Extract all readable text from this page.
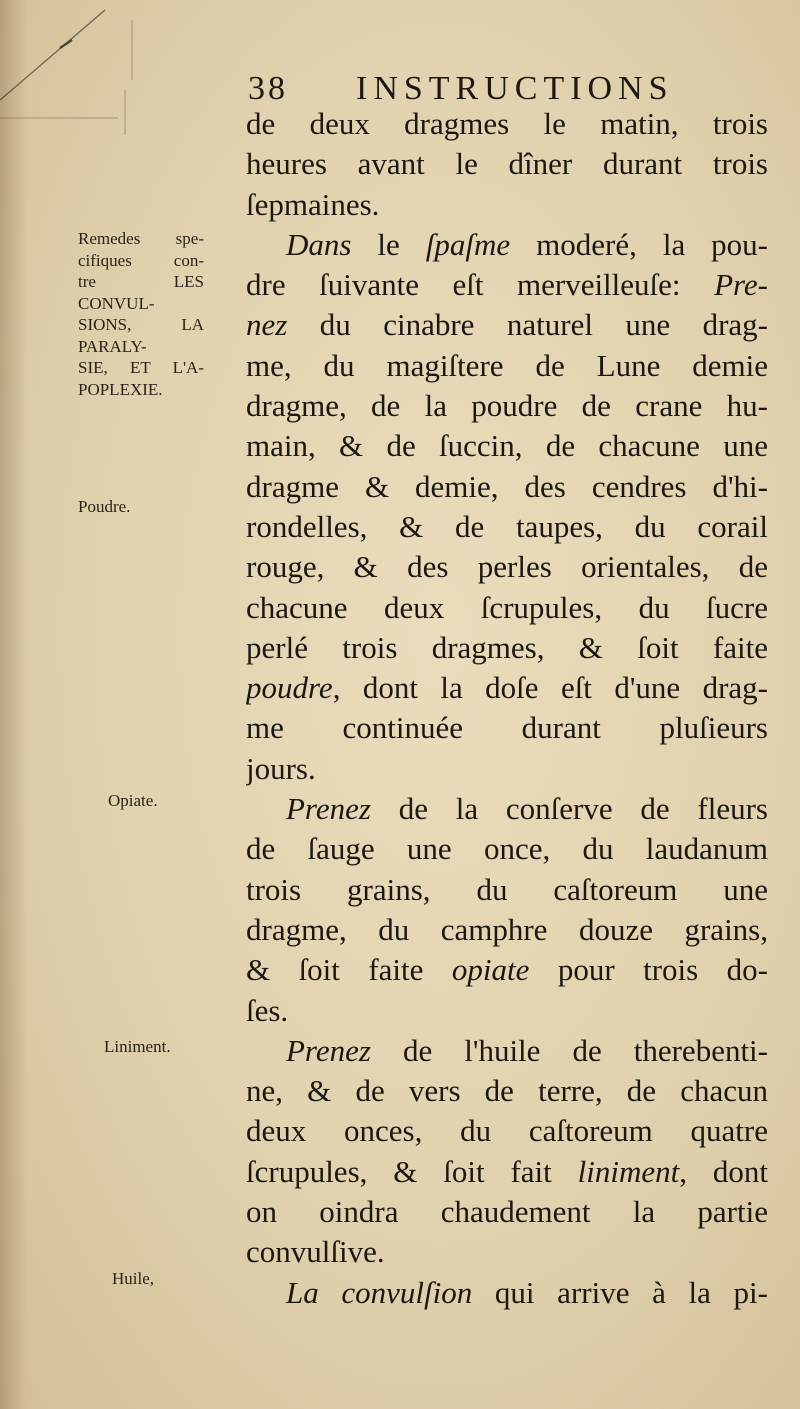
38 INSTRUCTIONS
Remedes spe-
cifiques con-
tre LES
CONVUL-
SIONS, LA
PARALY-
SIE, ET L'A-
POPLEXIE.
Poudre.
Opiate.
Liniment.
Huile,
de deux dragmes le matin, trois
heures avant le dîner durant trois
ſepmaines.
Dans le ſpaſme moderé, la pou-
dre ſuivante eſt merveilleuſe: Pre-
nez du cinabre naturel une drag-
me, du magiſtere de Lune demie
dragme, de la poudre de crane hu-
main, & de ſuccin, de chacune une
dragme & demie, des cendres d'hi-
rondelles, & de taupes, du corail
rouge, & des perles orientales, de
chacune deux ſcrupules, du ſucre
perlé trois dragmes, & ſoit faite
poudre, dont la doſe eſt d'une drag-
me continuée durant pluſieurs
jours.
Prenez de la conſerve de fleurs
de ſauge une once, du laudanum
trois grains, du caſtoreum une
dragme, du camphre douze grains,
& ſoit faite opiate pour trois do-
ſes.
Prenez de l'huile de therebenti-
ne, & de vers de terre, de chacun
deux onces, du caſtoreum quatre
ſcrupules, & ſoit fait liniment, dont
on oindra chaudement la partie
convulſive.
La convulſion qui arrive à la pi-
